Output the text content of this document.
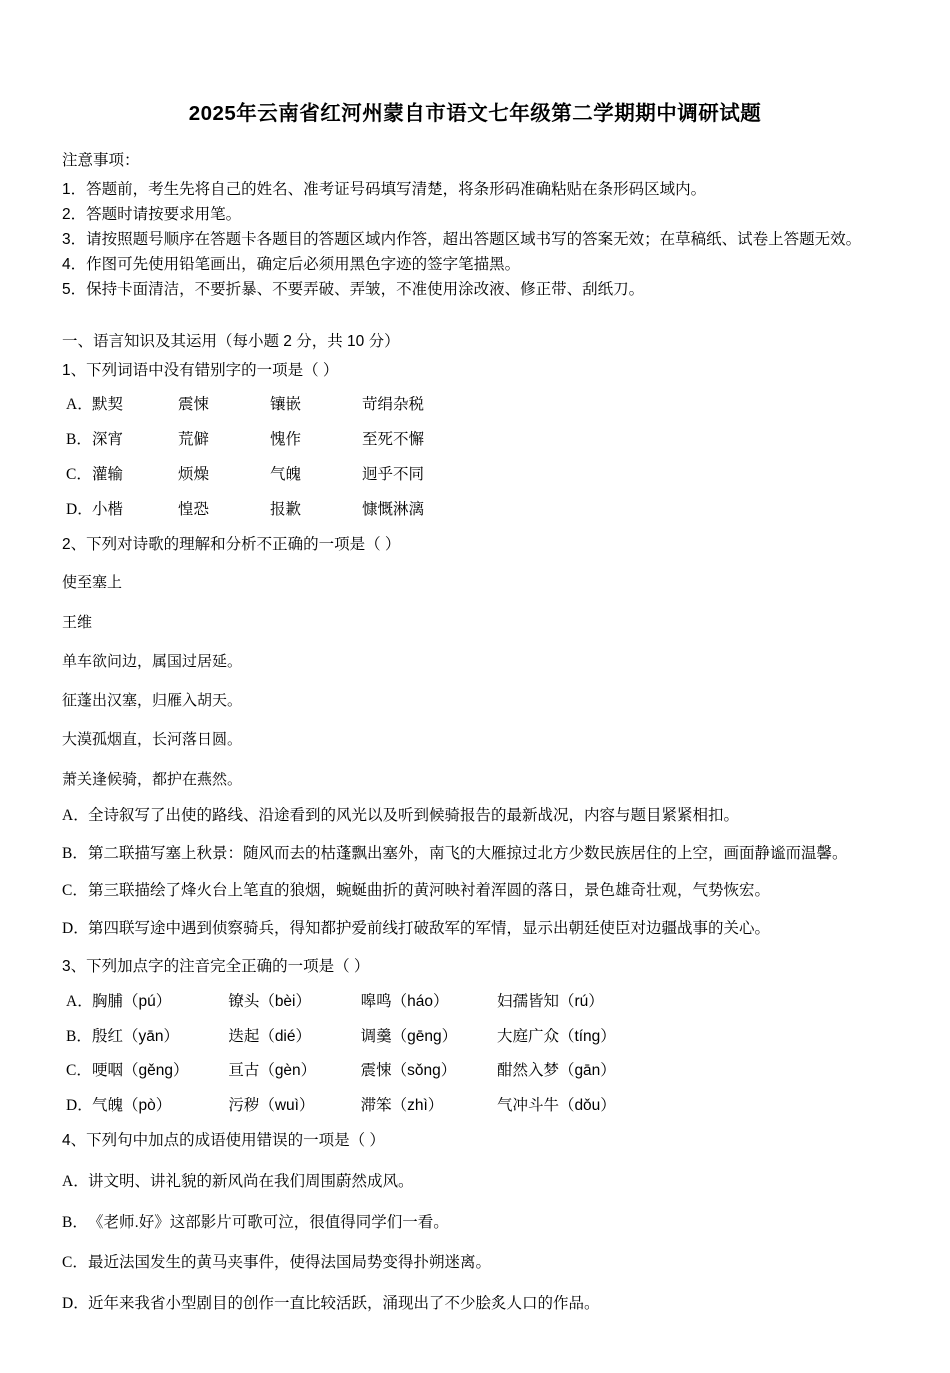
2025年云南省红河州蒙自市语文七年级第二学期期中调研试题

注意事项：

1．答题前，考生先将自己的姓名、准考证号码填写清楚，将条形码准确粘贴在条形码区域内。

2．答题时请按要求用笔。

3．请按照题号顺序在答题卡各题目的答题区域内作答，超出答题区域书写的答案无效；在草稿纸、试卷上答题无效。

4．作图可先使用铅笔画出，确定后必须用黑色字迹的签字笔描黑。

5．保持卡面清洁，不要折暴、不要弄破、弄皱，不准使用涂改液、修正带、刮纸刀。

一、语言知识及其运用（每小题 2 分，共 10 分）

1、下列词语中没有错别字的一项是（ ）

A． 默契	震悚	镶嵌	苛绢杂税
B． 深宵	荒僻	愧作	至死不懈
C． 灌输	烦燥	气魄	迥乎不同
D． 小楷	惶恐	报歉	慷慨淋漓

2、下列对诗歌的理解和分析不正确的一项是（ ）

使至塞上

王维

单车欲问边，属国过居延。

征蓬出汉塞，归雁入胡天。

大漠孤烟直，长河落日圆。

萧关逢候骑，都护在燕然。

A． 全诗叙写了出使的路线、沿途看到的风光以及听到候骑报告的最新战况，内容与题目紧紧相扣。
B． 第二联描写塞上秋景：随风而去的枯蓬飘出塞外，南飞的大雁掠过北方少数民族居住的上空，画面静谧而温馨。
C． 第三联描绘了烽火台上笔直的狼烟，蜿蜒曲折的黄河映衬着浑圆的落日，景色雄奇壮观，气势恢宏。
D． 第四联写途中遇到侦察骑兵，得知都护爱前线打破敌军的军情，显示出朝廷使臣对边疆战事的关心。

3、下列加点字的注音完全正确的一项是（ ）

A． 胸脯（pú）	镣头（bèi）	嗥鸣（háo）	妇孺皆知（rú）
B． 殷红（yān）	迭起（dié）	调羹（gēng）	大庭广众（tíng）
C． 哽咽（gěng）	亘古（gèn）	震悚（sǒng）	酣然入梦（gān）
D． 气魄（pò）	污秽（wuì）	滞笨（zhì）	气冲斗牛（dǒu）

4、下列句中加点的成语使用错误的一项是（ ）

A． 讲文明、讲礼貌的新风尚在我们周围蔚然成风。
B． 《老师.好》这部影片可歌可泣，很值得同学们一看。
C． 最近法国发生的黄马夹事件，使得法国局势变得扑朔迷离。
D． 近年来我省小型剧目的创作一直比较活跃，涌现出了不少脍炙人口的作品。
